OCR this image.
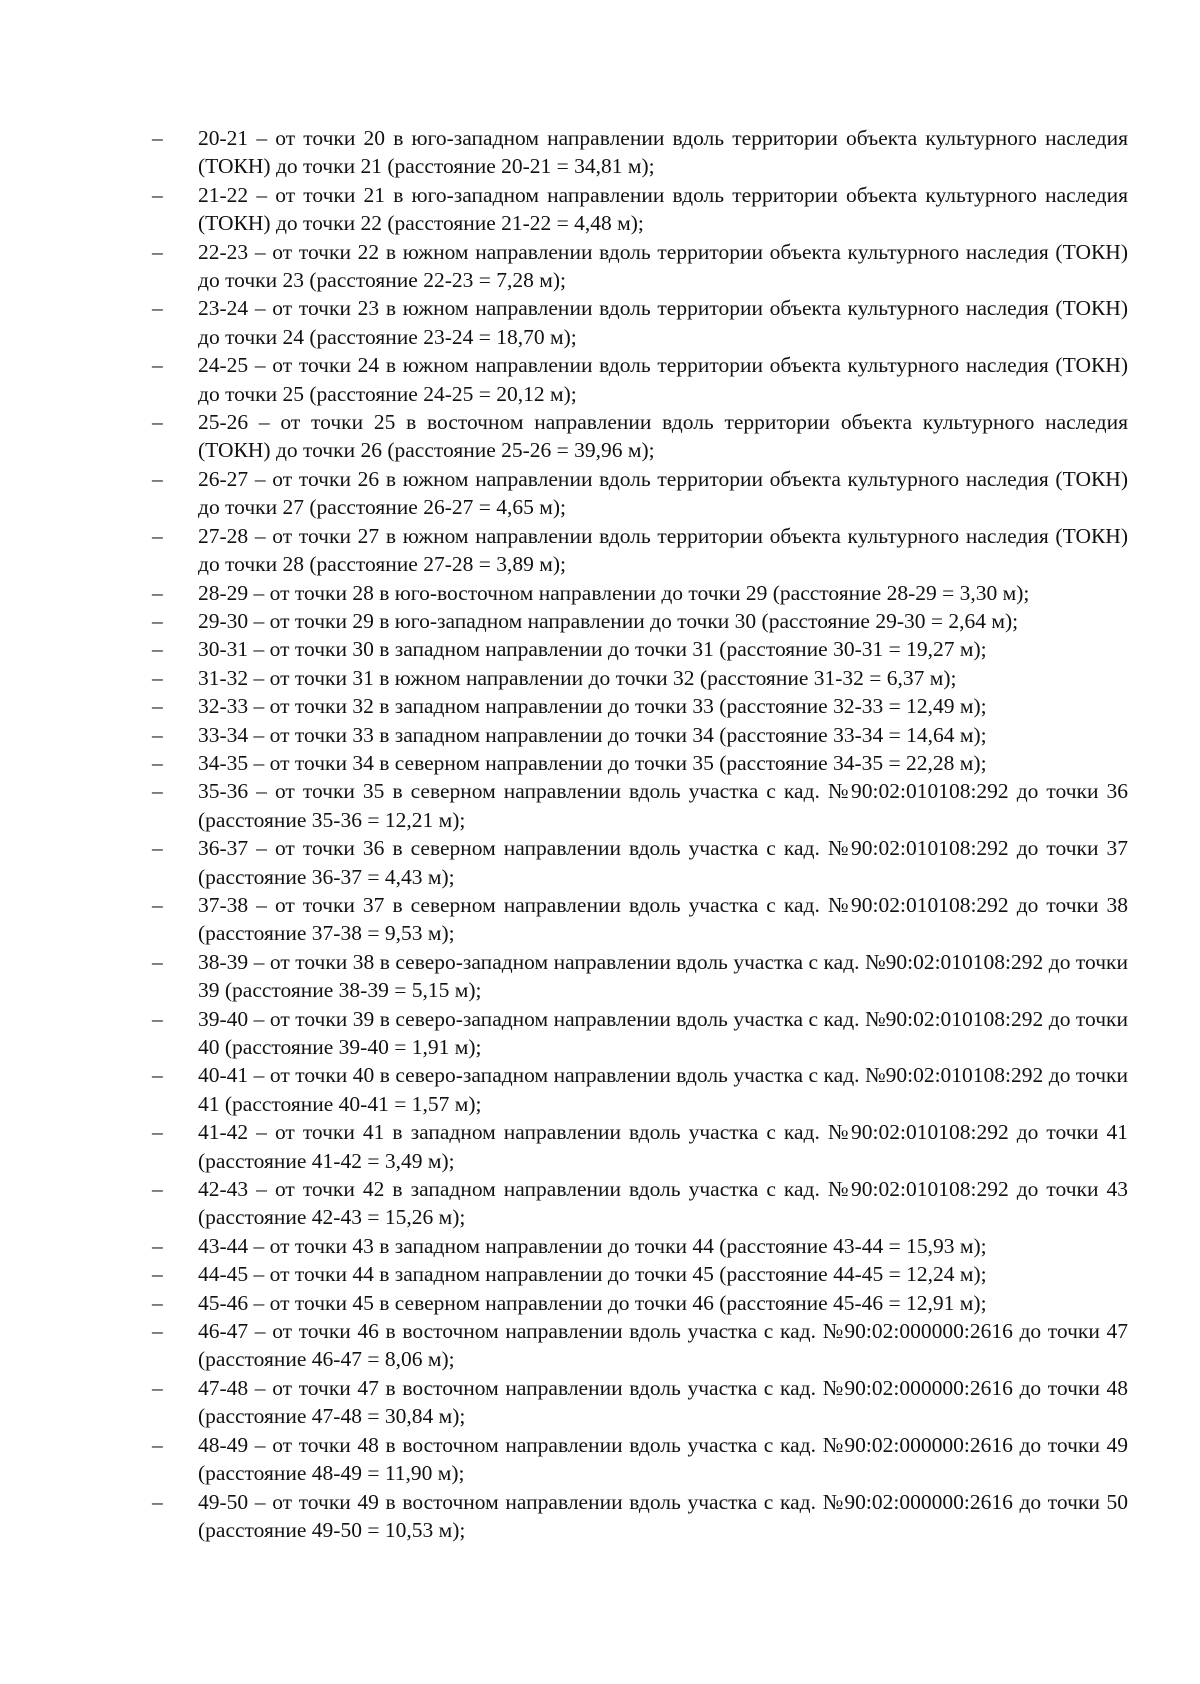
–	20-21 – от точки 20 в юго-западном направлении вдоль территории объекта культурного наследия (ТОКН) до точки 21 (расстояние 20-21 = 34,81 м);
–	21-22 – от точки 21 в юго-западном направлении вдоль территории объекта культурного наследия (ТОКН) до точки 22 (расстояние 21-22 = 4,48 м);
–	22-23 – от точки 22 в южном направлении вдоль территории объекта культурного наследия (ТОКН) до точки 23 (расстояние 22-23 = 7,28 м);
–	23-24 – от точки 23 в южном направлении вдоль территории объекта культурного наследия (ТОКН) до точки 24 (расстояние 23-24 = 18,70 м);
–	24-25 – от точки 24 в южном направлении вдоль территории объекта культурного наследия (ТОКН) до точки 25 (расстояние 24-25 = 20,12 м);
–	25-26 – от точки 25 в восточном направлении вдоль территории объекта культурного наследия (ТОКН) до точки 26 (расстояние 25-26 = 39,96 м);
–	26-27 – от точки 26 в южном направлении вдоль территории объекта культурного наследия (ТОКН) до точки 27 (расстояние 26-27 = 4,65 м);
–	27-28 – от точки 27 в южном направлении вдоль территории объекта культурного наследия (ТОКН) до точки 28 (расстояние 27-28 = 3,89 м);
–	28-29 – от точки 28 в юго-восточном направлении до точки 29 (расстояние 28-29 = 3,30 м);
–	29-30 – от точки 29 в юго-западном направлении до точки 30 (расстояние 29-30 = 2,64 м);
–	30-31 – от точки 30 в западном направлении до точки 31 (расстояние 30-31 = 19,27 м);
–	31-32 – от точки 31 в южном направлении до точки 32 (расстояние 31-32 = 6,37 м);
–	32-33 – от точки 32 в западном направлении до точки 33 (расстояние 32-33 = 12,49 м);
–	33-34 – от точки 33 в западном направлении до точки 34 (расстояние 33-34 = 14,64 м);
–	34-35 – от точки 34 в северном направлении до точки 35 (расстояние 34-35 = 22,28 м);
–	35-36 – от точки 35 в северном направлении вдоль участка с кад. №90:02:010108:292 до точки 36 (расстояние 35-36 = 12,21 м);
–	36-37 – от точки 36 в северном направлении вдоль участка с кад. №90:02:010108:292 до точки 37 (расстояние 36-37 = 4,43 м);
–	37-38 – от точки 37 в северном направлении вдоль участка с кад. №90:02:010108:292 до точки 38 (расстояние 37-38 = 9,53 м);
–	38-39 – от точки 38 в северо-западном направлении вдоль участка с кад. №90:02:010108:292 до точки 39 (расстояние 38-39 = 5,15 м);
–	39-40 – от точки 39 в северо-западном направлении вдоль участка с кад. №90:02:010108:292 до точки 40 (расстояние 39-40 = 1,91 м);
–	40-41 – от точки 40 в северо-западном направлении вдоль участка с кад. №90:02:010108:292 до точки 41 (расстояние 40-41 = 1,57 м);
–	41-42 – от точки 41 в западном направлении вдоль участка с кад. №90:02:010108:292 до точки 41 (расстояние 41-42 = 3,49 м);
–	42-43 – от точки 42 в западном направлении вдоль участка с кад. №90:02:010108:292 до точки 43 (расстояние 42-43 = 15,26 м);
–	43-44 – от точки 43 в западном направлении до точки 44 (расстояние 43-44 = 15,93 м);
–	44-45 – от точки 44 в западном направлении до точки 45 (расстояние 44-45 = 12,24 м);
–	45-46 – от точки 45 в северном направлении до точки 46 (расстояние 45-46 = 12,91 м);
–	46-47 – от точки 46 в восточном направлении вдоль участка с кад. №90:02:000000:2616 до точки 47 (расстояние 46-47 = 8,06 м);
–	47-48 – от точки 47 в восточном направлении вдоль участка с кад. №90:02:000000:2616 до точки 48 (расстояние 47-48 = 30,84 м);
–	48-49 – от точки 48 в восточном направлении вдоль участка с кад. №90:02:000000:2616 до точки 49 (расстояние 48-49 = 11,90 м);
–	49-50 – от точки 49 в восточном направлении вдоль участка с кад. №90:02:000000:2616 до точки 50 (расстояние 49-50 = 10,53 м);
